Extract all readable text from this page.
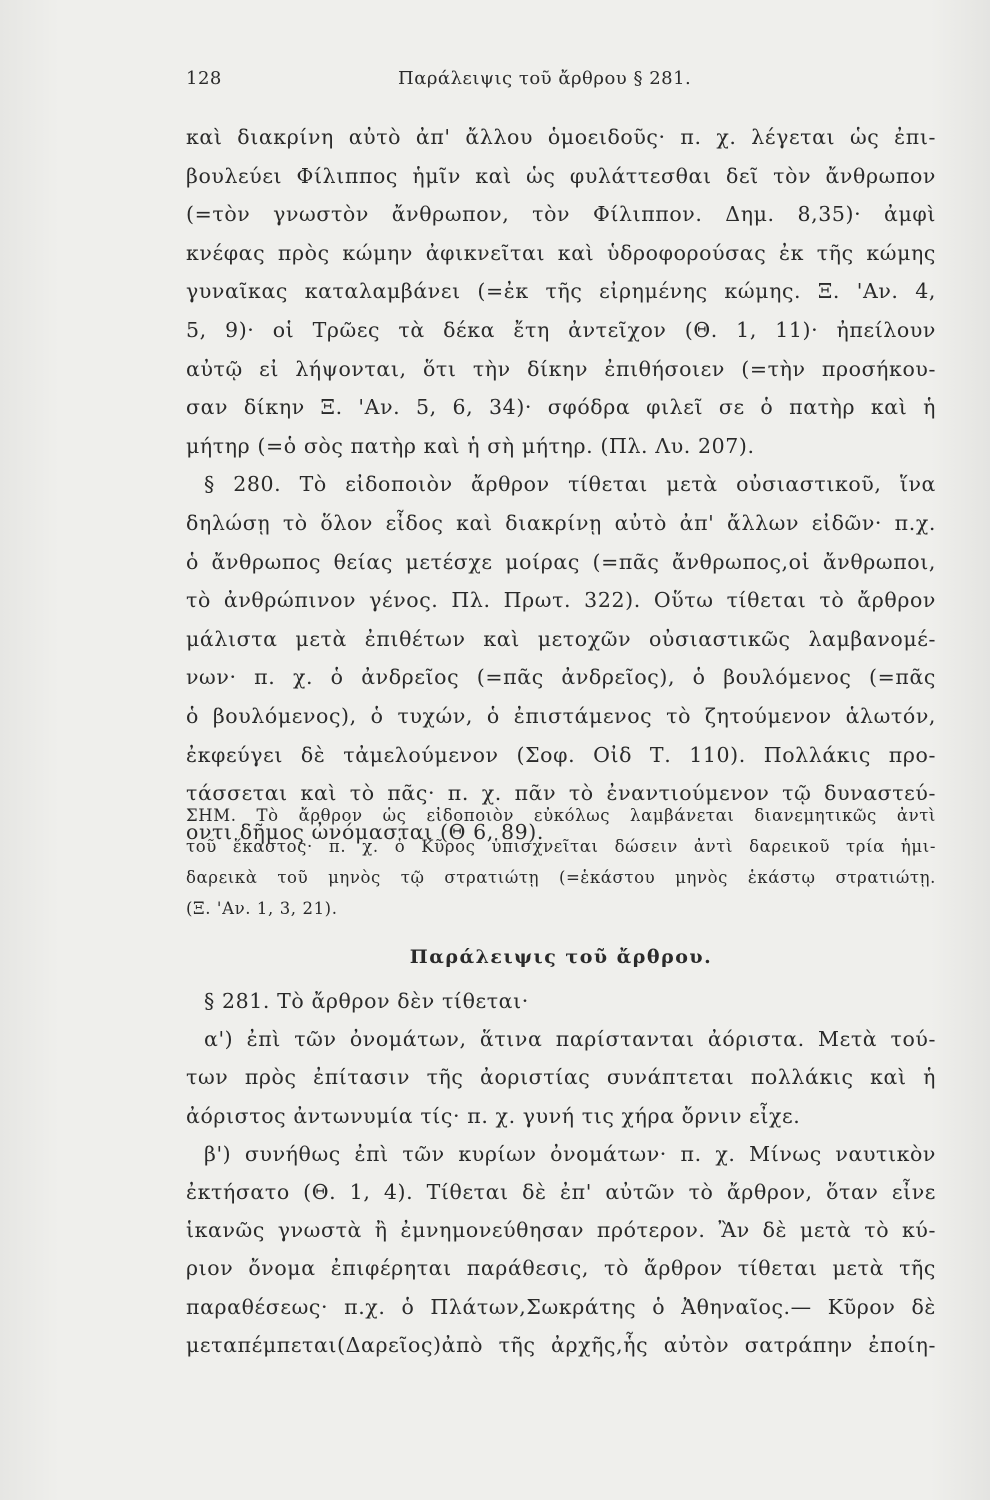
128	Παράλειψις τοῦ ἄρθρου § 281.
καὶ διακρίνη αὐτὸ ἀπ' ἄλλου ὁμοειδοῦς· π. χ. λέγεται ὡς ἐπι-
βουλεύει Φίλιππος ἡμῖν καὶ ὡς φυλάττεσθαι δεῖ τὸν ἄνθρωπον
(=τὸν γνωστὸν ἄνθρωπον, τὸν Φίλιππον. Δημ. 8,35)· ἀμφὶ
κνέφας πρὸς κώμην ἀφικνεῖται καὶ ὑδροφορούσας ἐκ τῆς κώμης
γυναῖκας καταλαμβάνει (=ἐκ τῆς εἰρημένης κώμης. Ξ. 'Αν. 4,
5, 9)· οἱ Τρῶες τὰ δέκα ἔτη ἀντεῖχον (Θ. 1, 11)· ἠπείλουν
αὐτῷ εἰ λήψονται, ὅτι τὴν δίκην ἐπιθήσοιεν (=τὴν προσήκου-
σαν δίκην Ξ. 'Αν. 5, 6, 34)· σφόδρα φιλεῖ σε ὁ πατὴρ καὶ ἡ
μήτηρ (=ὁ σὸς πατὴρ καὶ ἡ σὴ μήτηρ. (Πλ. Λυ. 207).
§ 280. Τὸ εἰδοποιὸν ἄρθρον τίθεται μετὰ οὐσιαστικοῦ, ἵνα
δηλώσῃ τὸ ὅλον εἶδος καὶ διακρίνῃ αὐτὸ ἀπ' ἄλλων εἰδῶν· π.χ.
ὁ ἄνθρωπος θείας μετέσχε μοίρας (=πᾶς ἄνθρωπος,οἱ ἄνθρωποι,
τὸ ἀνθρώπινον γένος. Πλ. Πρωτ. 322). Οὕτω τίθεται τὸ ἄρθρον
μάλιστα μετὰ ἐπιθέτων καὶ μετοχῶν οὐσιαστικῶς λαμβανομέ-
νων· π. χ. ὁ ἀνδρεῖος (=πᾶς ἀνδρεῖος), ὁ βουλόμενος (=πᾶς
ὁ βουλόμενος), ὁ τυχών, ὁ ἐπιστάμενος τὸ ζητούμενον ἁλωτόν,
ἐκφεύγει δὲ τἀμελούμενον (Σοφ. Οἰδ Τ. 110). Πολλάκις προ-
τάσσεται καὶ τὸ πᾶς· π. χ. πᾶν τὸ ἐναντιούμενον τῷ δυναστεύ-
οντι δῆμος ὠνόμασται (Θ 6, 89).
ΣΗΜ. Τὸ ἄρθρον ὡς εἰδοποιὸν εὐκόλως λαμβάνεται διανεμητικῶς ἀντὶ
τοῦ ἕκαστος· π. χ. ὁ Κῦρος ὑπισχνεῖται δώσειν ἀντὶ δαρεικοῦ τρία ἡμι-
δαρεικὰ τοῦ μηνὸς τῷ στρατιώτῃ (=ἑκάστου μηνὸς ἑκάστῳ στρατιώτῃ.
(Ξ. 'Αν. 1, 3, 21).
Παράλειψις τοῦ ἄρθρου.
§ 281. Τὸ ἄρθρον δὲν τίθεται·
α') ἐπὶ τῶν ὀνομάτων, ἅτινα παρίστανται ἀόριστα. Μετὰ τού-
των πρὸς ἐπίτασιν τῆς ἀοριστίας συνάπτεται πολλάκις καὶ ἡ
ἀόριστος ἀντωνυμία τίς· π. χ. γυνή τις χήρα ὄρνιν εἶχε.
β') συνήθως ἐπὶ τῶν κυρίων ὀνομάτων· π. χ. Μίνως ναυτικὸν
ἐκτήσατο (Θ. 1, 4). Τίθεται δὲ ἐπ' αὐτῶν τὸ ἄρθρον, ὅταν εἶνε
ἱκανῶς γνωστὰ ἢ ἐμνημονεύθησαν πρότερον. Ἂν δὲ μετὰ τὸ κύ-
ριον ὄνομα ἐπιφέρηται παράθεσις, τὸ ἄρθρον τίθεται μετὰ τῆς
παραθέσεως· π.χ. ὁ Πλάτων,Σωκράτης ὁ Ἀθηναῖος.— Κῦρον δὲ
μεταπέμπεται(Δαρεῖος)ἀπὸ τῆς ἀρχῆς,ἧς αὐτὸν σατράπην ἐποίη-
